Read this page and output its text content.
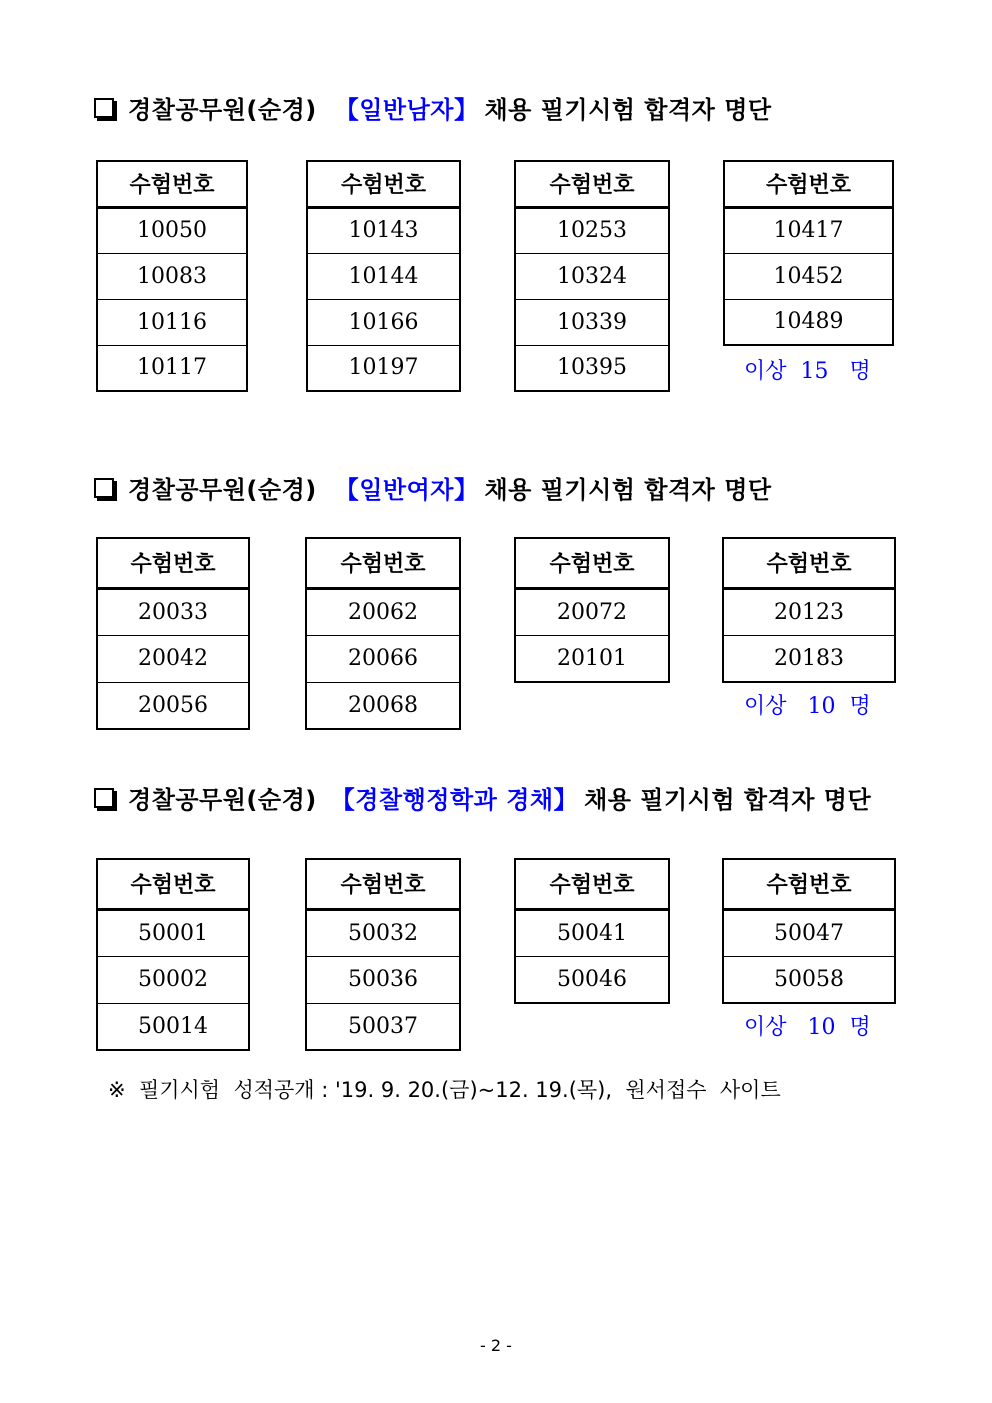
경찰공무원(순경) 【일반남자】 채용 필기시험 합격자 명단
수험번호
10050
10083
10116
10117
수험번호
10143
10144
10166
10197
수험번호
10253
10324
10339
10395
수험번호
10417
10452
10489
이상  15   명
경찰공무원(순경) 【일반여자】 채용 필기시험 합격자 명단
수험번호
20033
20042
20056
수험번호
20062
20066
20068
수험번호
20072
20101
수험번호
20123
20183
이상   10  명
경찰공무원(순경) 【경찰행정학과 경채】 채용 필기시험 합격자 명단
수험번호
50001
50002
50014
수험번호
50032
50036
50037
수험번호
50041
50046
수험번호
50047
50058
이상   10  명
※  필기시험  성적공개 : '19. 9. 20.(금)~12. 19.(목),  원서접수  사이트
- 2 -
